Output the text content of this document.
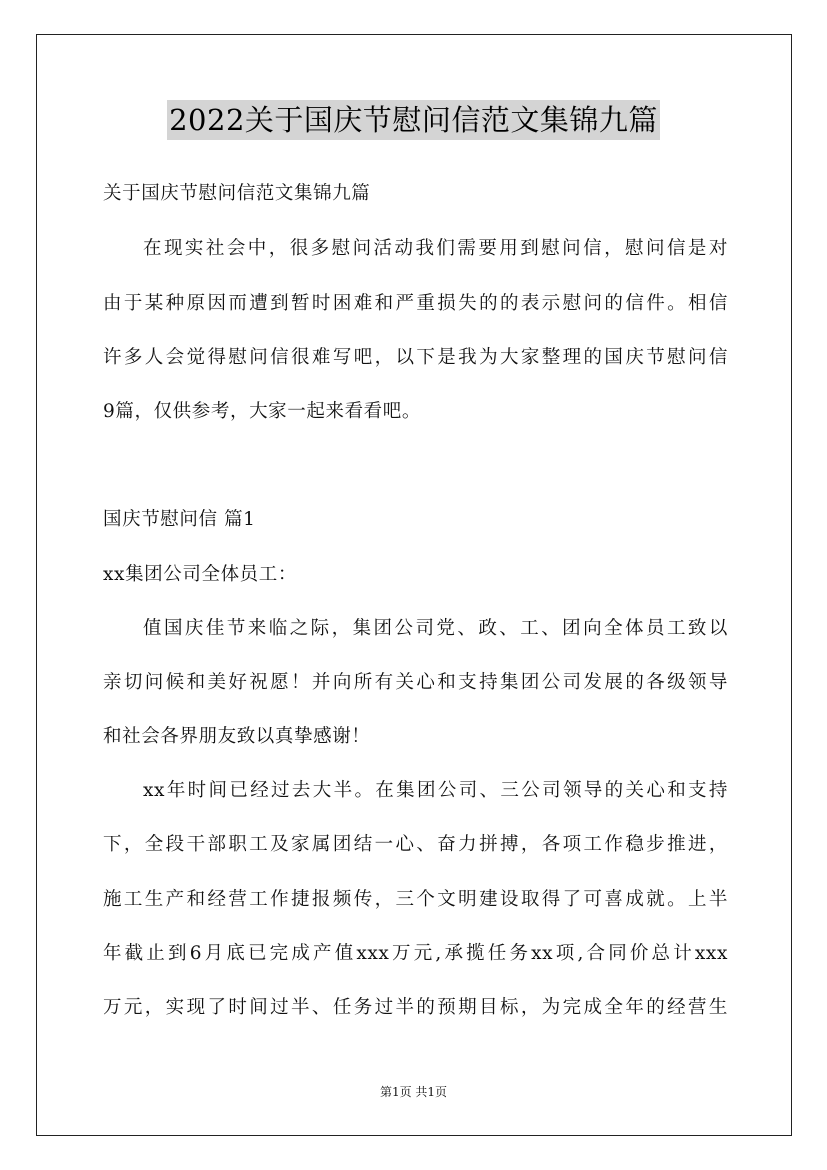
2022关于国庆节慰问信范文集锦九篇
关于国庆节慰问信范文集锦九篇
在现实社会中，很多慰问活动我们需要用到慰问信，慰问信是对
由于某种原因而遭到暂时困难和严重损失的的表示慰问的信件。相信
许多人会觉得慰问信很难写吧，以下是我为大家整理的国庆节慰问信
9篇，仅供参考，大家一起来看看吧。
国庆节慰问信 篇1
xx集团公司全体员工：
值国庆佳节来临之际，集团公司党、政、工、团向全体员工致以
亲切问候和美好祝愿！并向所有关心和支持集团公司发展的各级领导
和社会各界朋友致以真挚感谢！
xx年时间已经过去大半。在集团公司、三公司领导的关心和支持
下，全段干部职工及家属团结一心、奋力拼搏，各项工作稳步推进，
施工生产和经营工作捷报频传，三个文明建设取得了可喜成就。上半
年截止到6月底已完成产值xxx万元,承揽任务xx项,合同价总计xxx
万元，实现了时间过半、任务过半的预期目标，为完成全年的经营生
第1页 共1页
